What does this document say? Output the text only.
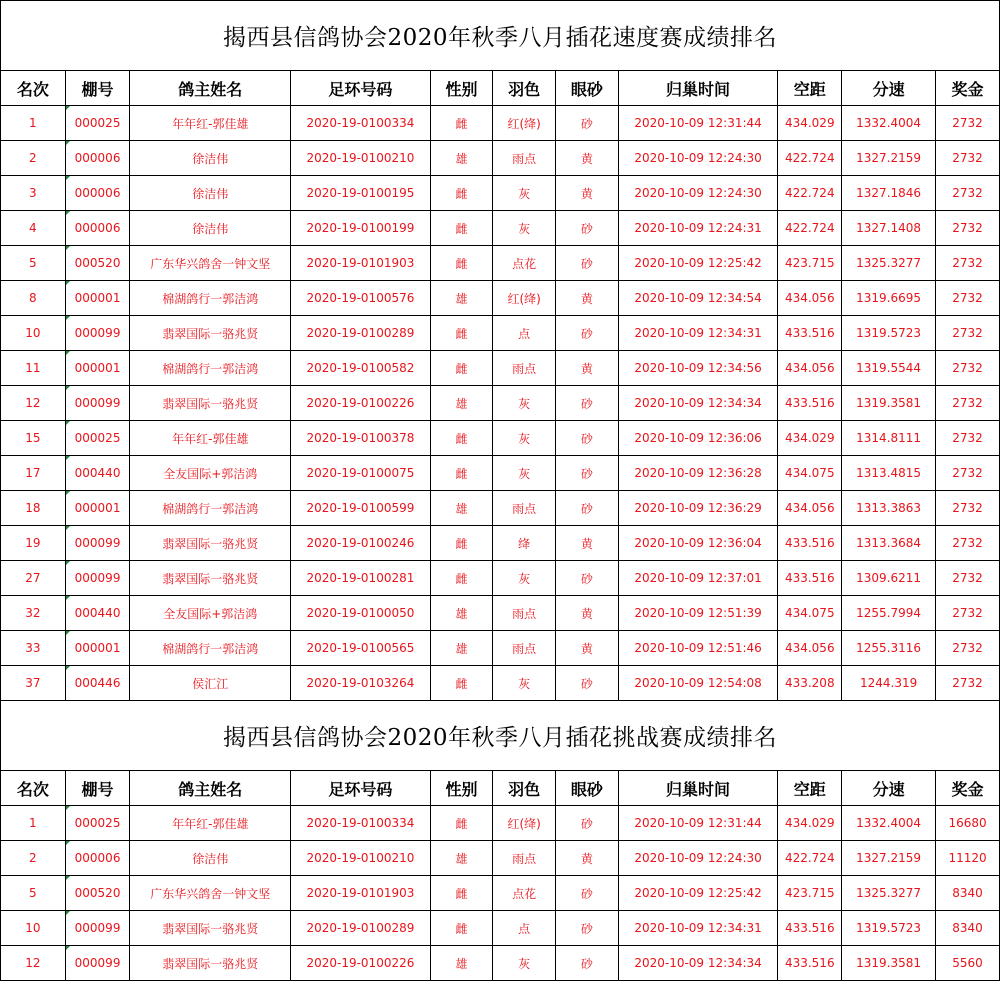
揭西县信鸽协会2020年秋季八月插花速度赛成绩排名										
名次	棚号	鸽主姓名	足环号码	性别	羽色	眼砂	归巢时间	空距	分速	奖金
1	000025	年年红-郭佳雄	2020-19-0100334	雌	红(绛)	砂	2020-10-09 12:31:44	434.029	1332.4004	2732
2	000006	徐洁伟	2020-19-0100210	雄	雨点	黄	2020-10-09 12:24:30	422.724	1327.2159	2732
3	000006	徐洁伟	2020-19-0100195	雌	灰	黄	2020-10-09 12:24:30	422.724	1327.1846	2732
4	000006	徐洁伟	2020-19-0100199	雌	灰	砂	2020-10-09 12:24:31	422.724	1327.1408	2732
5	000520	广东华兴鸽舍一钟文坚	2020-19-0101903	雌	点花	砂	2020-10-09 12:25:42	423.715	1325.3277	2732
8	000001	棉湖鸽行一郭洁鸿	2020-19-0100576	雄	红(绛)	黄	2020-10-09 12:34:54	434.056	1319.6695	2732
10	000099	翡翠国际一骆兆贤	2020-19-0100289	雌	点	砂	2020-10-09 12:34:31	433.516	1319.5723	2732
11	000001	棉湖鸽行一郭洁鸿	2020-19-0100582	雌	雨点	黄	2020-10-09 12:34:56	434.056	1319.5544	2732
12	000099	翡翠国际一骆兆贤	2020-19-0100226	雄	灰	砂	2020-10-09 12:34:34	433.516	1319.3581	2732
15	000025	年年红-郭佳雄	2020-19-0100378	雌	灰	砂	2020-10-09 12:36:06	434.029	1314.8111	2732
17	000440	全友国际+郭洁鸿	2020-19-0100075	雌	灰	砂	2020-10-09 12:36:28	434.075	1313.4815	2732
18	000001	棉湖鸽行一郭洁鸿	2020-19-0100599	雄	雨点	砂	2020-10-09 12:36:29	434.056	1313.3863	2732
19	000099	翡翠国际一骆兆贤	2020-19-0100246	雌	绛	黄	2020-10-09 12:36:04	433.516	1313.3684	2732
27	000099	翡翠国际一骆兆贤	2020-19-0100281	雌	灰	砂	2020-10-09 12:37:01	433.516	1309.6211	2732
32	000440	全友国际+郭洁鸿	2020-19-0100050	雄	雨点	黄	2020-10-09 12:51:39	434.075	1255.7994	2732
33	000001	棉湖鸽行一郭洁鸿	2020-19-0100565	雄	雨点	黄	2020-10-09 12:51:46	434.056	1255.3116	2732
37	000446	侯汇江	2020-19-0103264	雌	灰	砂	2020-10-09 12:54:08	433.208	1244.319	2732
揭西县信鸽协会2020年秋季八月插花挑战赛成绩排名										
名次	棚号	鸽主姓名	足环号码	性别	羽色	眼砂	归巢时间	空距	分速	奖金
1	000025	年年红-郭佳雄	2020-19-0100334	雌	红(绛)	砂	2020-10-09 12:31:44	434.029	1332.4004	16680
2	000006	徐洁伟	2020-19-0100210	雄	雨点	黄	2020-10-09 12:24:30	422.724	1327.2159	11120
5	000520	广东华兴鸽舍一钟文坚	2020-19-0101903	雌	点花	砂	2020-10-09 12:25:42	423.715	1325.3277	8340
10	000099	翡翠国际一骆兆贤	2020-19-0100289	雌	点	砂	2020-10-09 12:34:31	433.516	1319.5723	8340
12	000099	翡翠国际一骆兆贤	2020-19-0100226	雄	灰	砂	2020-10-09 12:34:34	433.516	1319.3581	5560
